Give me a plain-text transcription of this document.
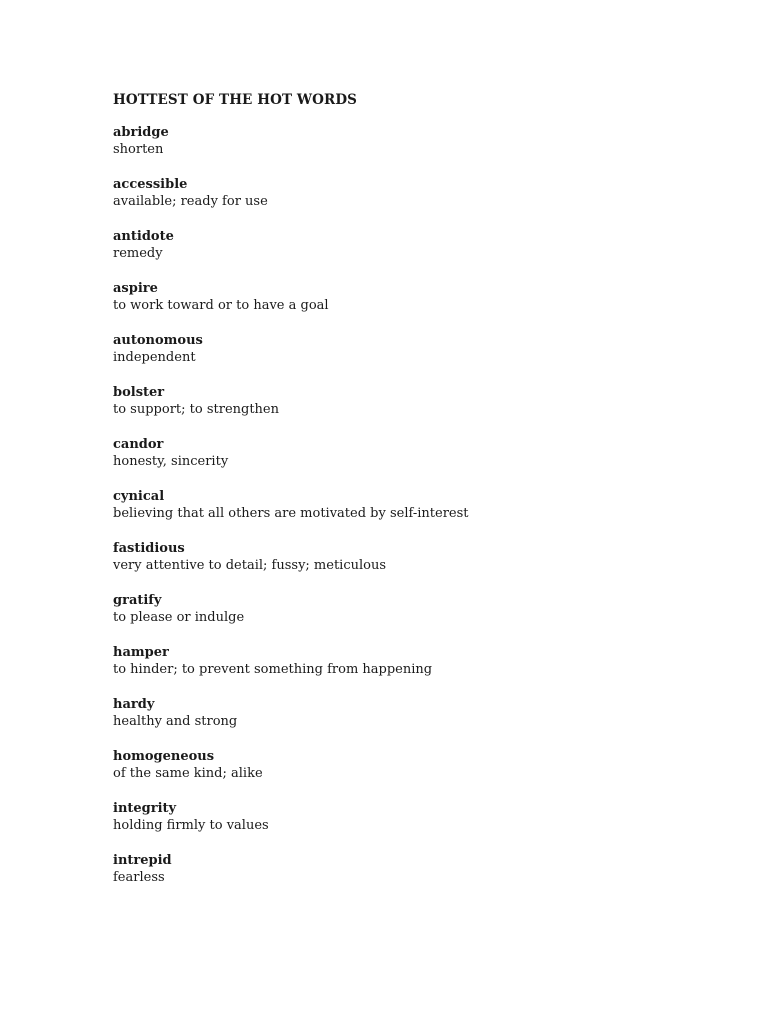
HOTTEST OF THE HOT WORDS
abridge
shorten
accessible
available; ready for use
antidote
remedy
aspire
to work toward or to have a goal
autonomous
independent
bolster
to support; to strengthen
candor
honesty, sincerity
cynical
believing that all others are motivated by self-interest
fastidious
very attentive to detail; fussy; meticulous
gratify
to please or indulge
hamper
to hinder; to prevent something from happening
hardy
healthy and strong
homogeneous
of the same kind; alike
integrity
holding firmly to values
intrepid
fearless
